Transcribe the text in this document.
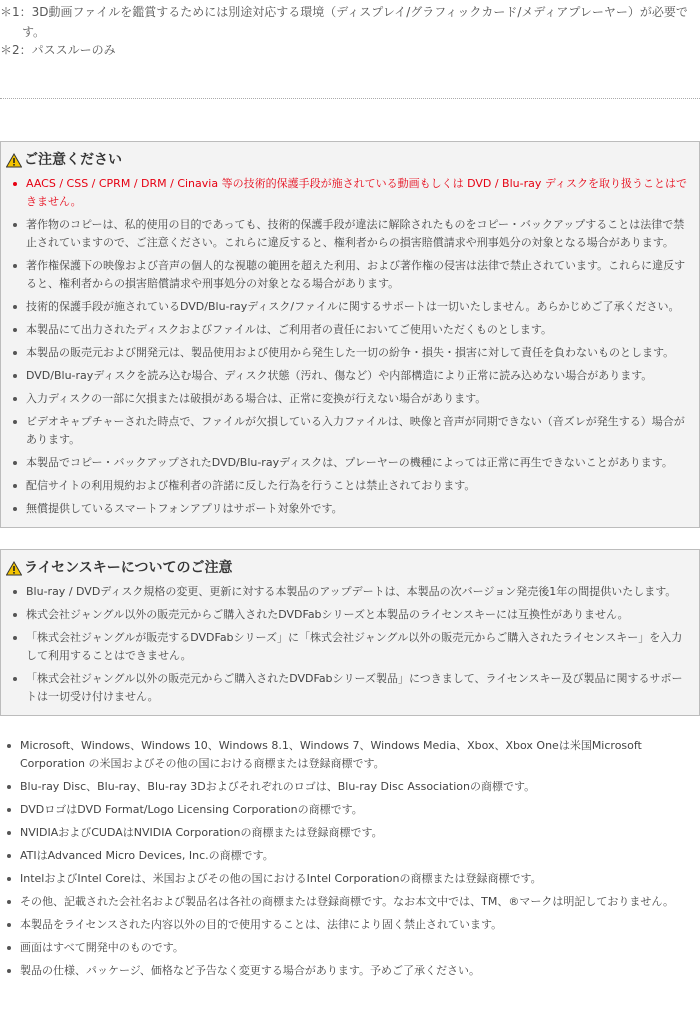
＊1：3D動画ファイルを鑑賞するためには別途対応する環境（ディスプレイ/グラフィックカード/メディアプレーヤー）が必要です。

＊2：パススルーのみ

ご注意ください
AACS / CSS / CPRM / DRM / Cinavia 等の技術的保護手段が施されている動画もしくは DVD / Blu-ray ディスクを取り扱うことはできません。
著作物のコピーは、私的使用の目的であっても、技術的保護手段が違法に解除されたものをコピー・バックアップすることは法律で禁止されていますので、ご注意ください。これらに違反すると、権利者からの損害賠償請求や刑事処分の対象となる場合があります。
著作権保護下の映像および音声の個人的な視聴の範囲を超えた利用、および著作権の侵害は法律で禁止されています。これらに違反すると、権利者からの損害賠償請求や刑事処分の対象となる場合があります。
技術的保護手段が施されているDVD/Blu-rayディスク/ファイルに関するサポートは一切いたしません。あらかじめご了承ください。
本製品にて出力されたディスクおよびファイルは、ご利用者の責任においてご使用いただくものとします。
本製品の販売元および開発元は、製品使用および使用から発生した一切の紛争・損失・損害に対して責任を負わないものとします。
DVD/Blu-rayディスクを読み込む場合、ディスク状態（汚れ、傷など）や内部構造により正常に読み込めない場合があります。
入力ディスクの一部に欠損または破損がある場合は、正常に変換が行えない場合があります。
ビデオキャプチャーされた時点で、ファイルが欠損している入力ファイルは、映像と音声が同期できない（音ズレが発生する）場合があります。
本製品でコピー・バックアップされたDVD/Blu-rayディスクは、プレーヤーの機種によっては正常に再生できないことがあります。
配信サイトの利用規約および権利者の許諾に反した行為を行うことは禁止されております。
無償提供しているスマートフォンアプリはサポート対象外です。
ライセンスキーについてのご注意
Blu-ray / DVDディスク規格の変更、更新に対する本製品のアップデートは、本製品の次バージョン発売後1年の間提供いたします。
株式会社ジャングル以外の販売元からご購入されたDVDFabシリーズと本製品のライセンスキーには互換性がありません。
「株式会社ジャングルが販売するDVDFabシリーズ」に「株式会社ジャングル以外の販売元からご購入されたライセンスキー」を入力して利用することはできません。
「株式会社ジャングル以外の販売元からご購入されたDVDFabシリーズ製品」につきまして、ライセンスキー及び製品に関するサポートは一切受け付けません。
Microsoft、Windows、Windows 10、Windows 8.1、Windows 7、Windows Media、Xbox、Xbox Oneは米国Microsoft Corporation の米国およびその他の国における商標または登録商標です。
Blu-ray Disc、Blu-ray、Blu-ray 3Dおよびそれぞれのロゴは、Blu-ray Disc Associationの商標です。
DVDロゴはDVD Format/Logo Licensing Corporationの商標です。
NVIDIAおよびCUDAはNVIDIA Corporationの商標または登録商標です。
ATIはAdvanced Micro Devices, Inc.の商標です。
IntelおよびIntel Coreは、米国およびその他の国におけるIntel Corporationの商標または登録商標です。
その他、記載された会社名および製品名は各社の商標または登録商標です。なお本文中では、TM、®マークは明記しておりません。
本製品をライセンスされた内容以外の目的で使用することは、法律により固く禁止されています。
画面はすべて開発中のものです。
製品の仕様、パッケージ、価格など予告なく変更する場合があります。予めご了承ください。
